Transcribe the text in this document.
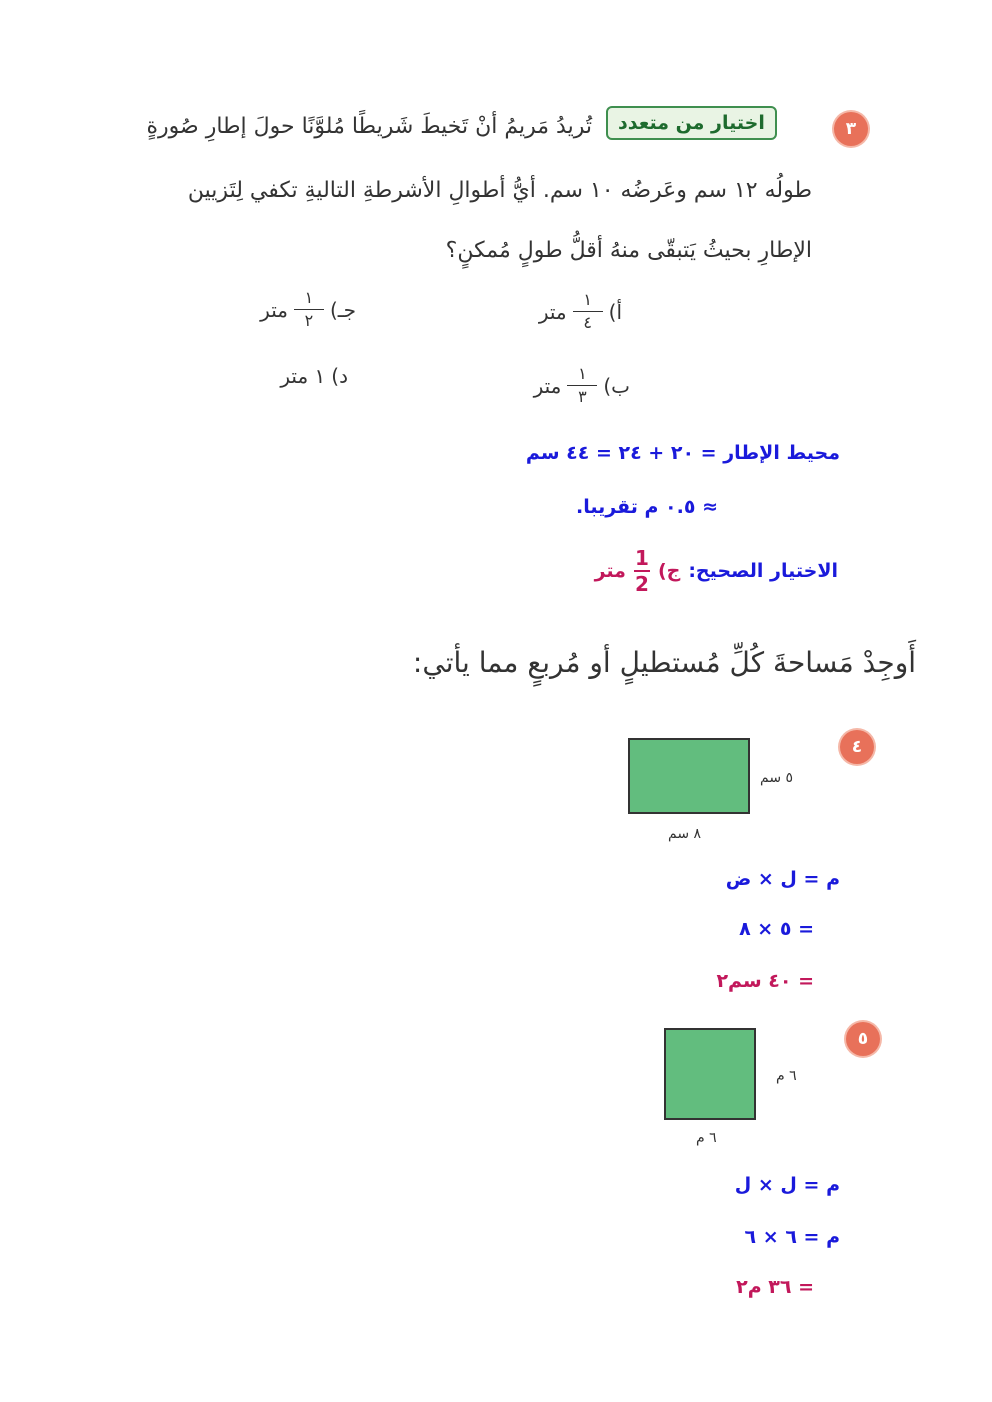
٣
اختيار من متعدد
تُريدُ مَريمُ أنْ تَخيطَ شَريطًا مُلوَّنًا حولَ إطارِ صُورةٍ
طولُه ١٢ سم وعَرضُه ١٠ سم. أيُّ أطوالِ الأشرطةِ التاليةِ تكفي لِتَزيين
الإطارِ بحيثُ يَتبقّى منهُ أقلُّ طولٍ مُمكنٍ؟
أ)
$\frac{١}{٤}$
متر
ب)
$\frac{١}{٣}$
متر
جـ)
$\frac{١}{٢}$
متر
د)
١ متر
محيط الإطار = ٢٠ + ٢٤ = ٤٤ سم
≈ ٠.٥ م تقريبا.
الاختيار الصحيح:
ج)
1
2
متر
أَوجِدْ مَساحةَ كُلِّ مُستطيلٍ أو مُربعٍ مما يأتي:
٤
٥ سم
٨ سم
م = ل × ض
= ٥ × ٨
= ٤٠ سم٢
٥
٦ م
٦ م
م = ل × ل
م = ٦ × ٦
= ٣٦ م٢
